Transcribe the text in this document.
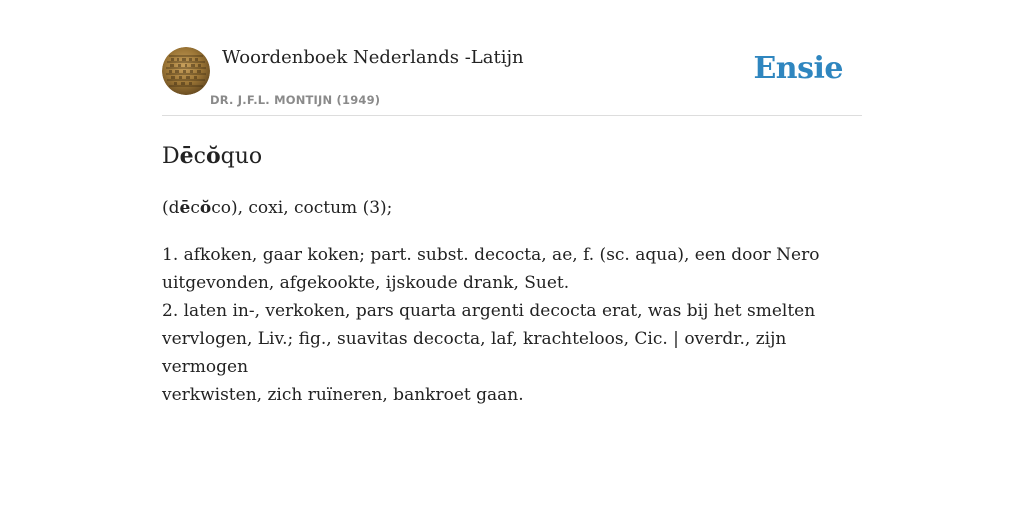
Woordenboek Nederlands -Latijn
DR. J.F.L. MONTIJN (1949)
Ensie
Dēcŏquo
(dēcŏco), coxi, coctum (3);
1. afkoken, gaar koken; part. subst. decocta, ae, f. (sc. aqua), een door Nero
uitgevonden, afgekookte, ijskoude drank, Suet.
2. laten in-, verkoken, pars quarta argenti decocta erat, was bij het smelten
vervlogen, Liv.; fig., suavitas decocta, laf, krachteloos, Cic. | overdr., zijn vermogen
verkwisten, zich ruïneren, bankroet gaan.
